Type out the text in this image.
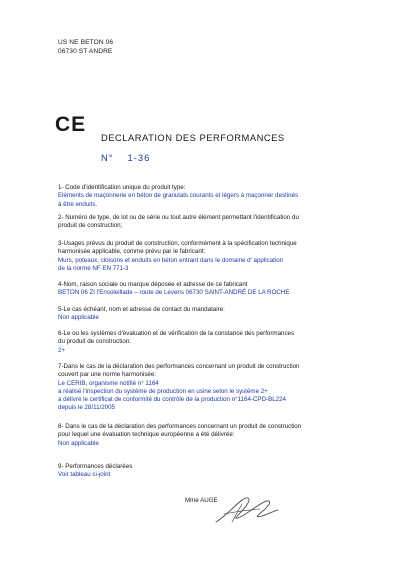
US NE BETON 06
06730 ST ANDRE
CE
DECLARATION DES PERFORMANCES
N° 1-36
1- Code d'identification unique du produit type:
Eléments de maçonnerie en béton de granulats courants et légers à maçonner destinés
à être enduits.
2- Numéro de type, de lot ou de série ou tout autre élément permettant l'identification du
produit de construction;
3-Usages prévus du produit de construction, conformément à la spécification technique
harmonisée applicable, comme prévu par le fabricant:
Murs, poteaux, cloisons et enduits en béton entrant dans le domaine d' application
de la norme NF EN 771-3
4-Nom, raison sociale ou marque déposée et adresse de ce fabricant
BETON 06 ZI l'Ensoleillade – route de Levens 06730 SAINT-ANDRÉ DE LA ROCHE
5-Le cas échéant, nom et adresse de contact du mandataire:
Non applicable
6-Le ou les systèmes d'évaluation et de vérification de la constance des performances
du produit de construction:
2+
7-Dans le cas de la déclaration des performances concernant un produit de construction
couvert par une norme harmonisée:
Le CERIB, organisme notifié n° 1164
a réalisé l'inspection du système de production en usine selon le système 2+
a délivré le certificat de conformité du contrôle de la production n°1164-CPD-BL224
depuis le 28/11/2005
8- Dans le cas de la déclaration des performances concernant un produit de construction
pour lequel une évaluation technique européenne a été délivrée:
Non applicable
9- Performances déclarées
Voir tableau ci-joint
Mme AUGE
